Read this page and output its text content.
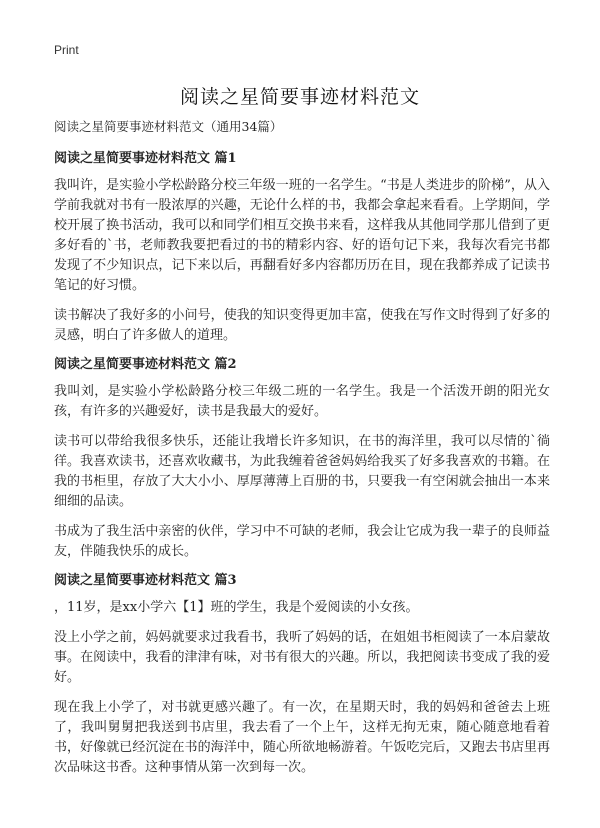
Print
阅读之星简要事迹材料范文

阅读之星简要事迹材料范文（通用34篇）

阅读之星简要事迹材料范文 篇1

我叫许，是实验小学松龄路分校三年级一班的一名学生。“书是人类进步的阶梯”，从入学前我就对书有一股浓厚的兴趣，无论什么样的书，我都会拿起来看看。上学期间，学校开展了换书活动，我可以和同学们相互交换书来看，这样我从其他同学那儿借到了更多好看的`书，老师教我要把看过的书的精彩内容、好的语句记下来，我每次看完书都发现了不少知识点，记下来以后，再翻看好多内容都历历在目，现在我都养成了记读书笔记的好习惯。

读书解决了我好多的小问号，使我的知识变得更加丰富，使我在写作文时得到了好多的灵感，明白了许多做人的道理。

阅读之星简要事迹材料范文 篇2

我叫刘，是实验小学松龄路分校三年级二班的一名学生。我是一个活泼开朗的阳光女孩，有许多的兴趣爱好，读书是我最大的爱好。

读书可以带给我很多快乐，还能让我增长许多知识，在书的海洋里，我可以尽情的`徜徉。我喜欢读书，还喜欢收藏书，为此我缠着爸爸妈妈给我买了好多我喜欢的书籍。在我的书柜里，存放了大大小小、厚厚薄薄上百册的书，只要我一有空闲就会抽出一本来细细的品读。

书成为了我生活中亲密的伙伴，学习中不可缺的老师，我会让它成为我一辈子的良师益友，伴随我快乐的成长。

阅读之星简要事迹材料范文 篇3

，11岁，是xx小学六【1】班的学生，我是个爱阅读的小女孩。

没上小学之前，妈妈就要求过我看书，我听了妈妈的话，在姐姐书柜阅读了一本启蒙故事。在阅读中，我看的津津有味，对书有很大的兴趣。所以，我把阅读书变成了我的爱好。

现在我上小学了，对书就更感兴趣了。有一次，在星期天时，我的妈妈和爸爸去上班了，我叫舅舅把我送到书店里，我去看了一个上午，这样无拘无束，随心随意地看着书，好像就已经沉淀在书的海洋中，随心所欲地畅游着。午饭吃完后，又跑去书店里再次品味这书香。这种事情从第一次到每一次。
